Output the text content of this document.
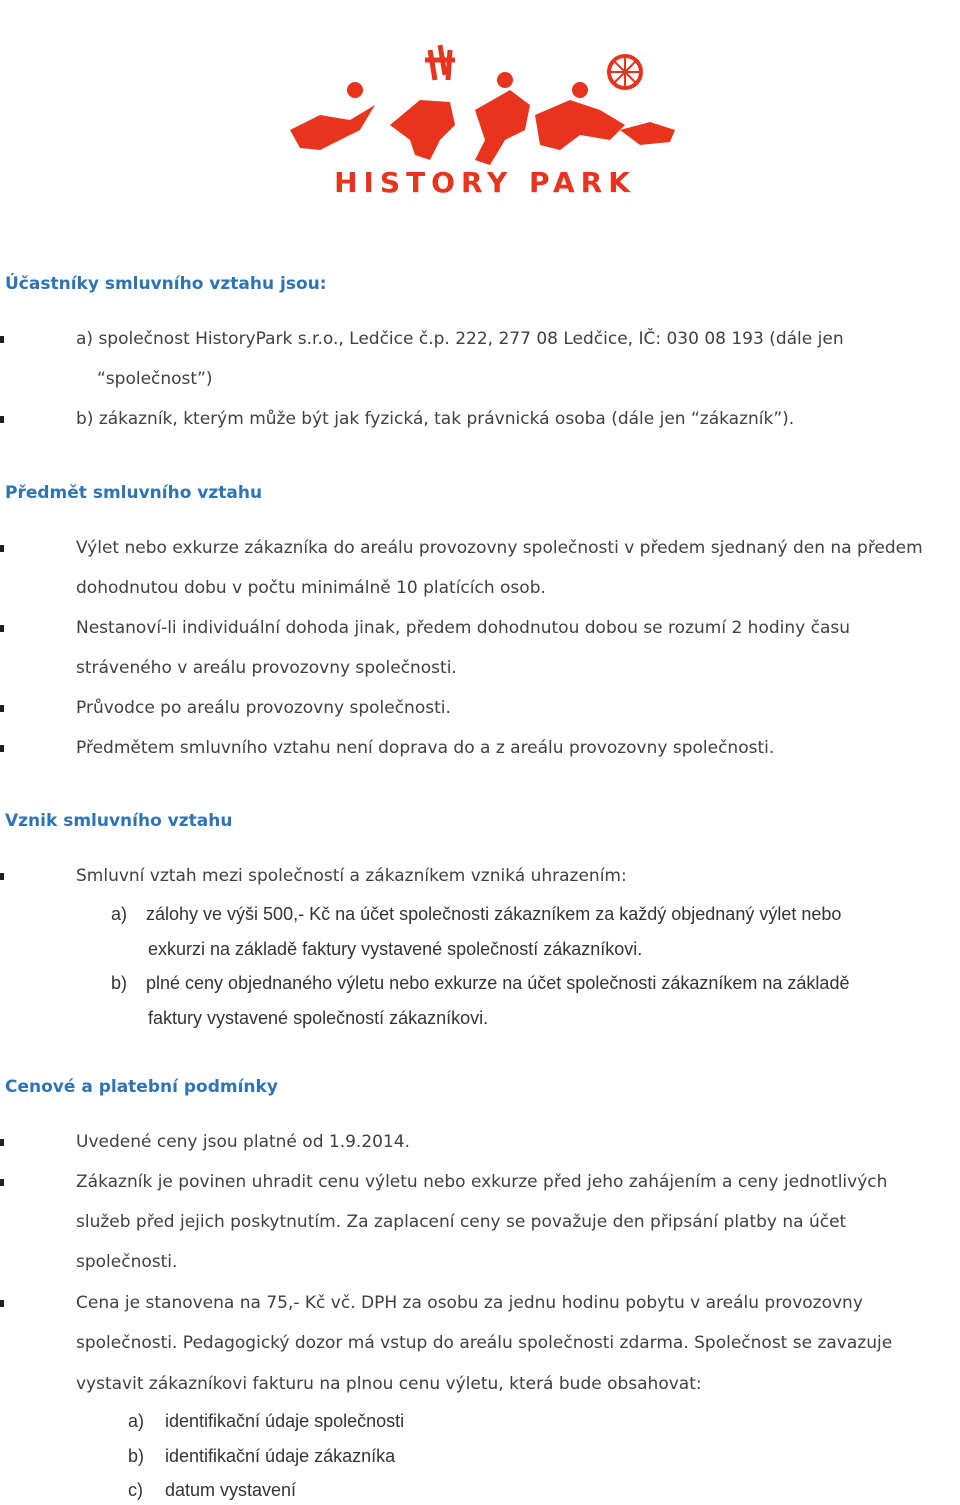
HISTORY PARK
Účastníky smluvního vztahu jsou:

a) společnost HistoryPark s.r.o., Ledčice č.p. 222, 277 08 Ledčice, IČ: 030 08 193 (dále jen

“společnost”)

b) zákazník, kterým může být jak fyzická, tak právnická osoba (dále jen “zákazník”).

Předmět smluvního vztahu

Výlet nebo exkurze zákazníka do areálu provozovny společnosti v předem sjednaný den na předem

dohodnutou dobu v počtu minimálně 10 platících osob.

Nestanoví-li individuální dohoda jinak, předem dohodnutou dobou se rozumí 2 hodiny času

stráveného v areálu provozovny společnosti.

Průvodce po areálu provozovny společnosti.

Předmětem smluvního vztahu není doprava do a z areálu provozovny společnosti.

Vznik smluvního vztahu

Smluvní vztah mezi společností a zákazníkem vzniká uhrazením:

a) zálohy ve výši 500,- Kč na účet společnosti zákazníkem za každý objednaný výlet nebo

exkurzi na základě faktury vystavené společností zákazníkovi.

b) plné ceny objednaného výletu nebo exkurze na účet společnosti zákazníkem na základě

faktury vystavené společností zákazníkovi.

Cenové a platební podmínky

Uvedené ceny jsou platné od 1.9.2014.

Zákazník je povinen uhradit cenu výletu nebo exkurze před jeho zahájením a ceny jednotlivých

služeb před jejich poskytnutím. Za zaplacení ceny se považuje den připsání platby na účet

společnosti.

Cena je stanovena na 75,- Kč vč. DPH za osobu za jednu hodinu pobytu v areálu provozovny

společnosti. Pedagogický dozor má vstup do areálu společnosti zdarma. Společnost se zavazuje

vystavit zákazníkovi fakturu na plnou cenu výletu, která bude obsahovat:

a) identifikační údaje společnosti

b) identifikační údaje zákazníka

c) datum vystavení
